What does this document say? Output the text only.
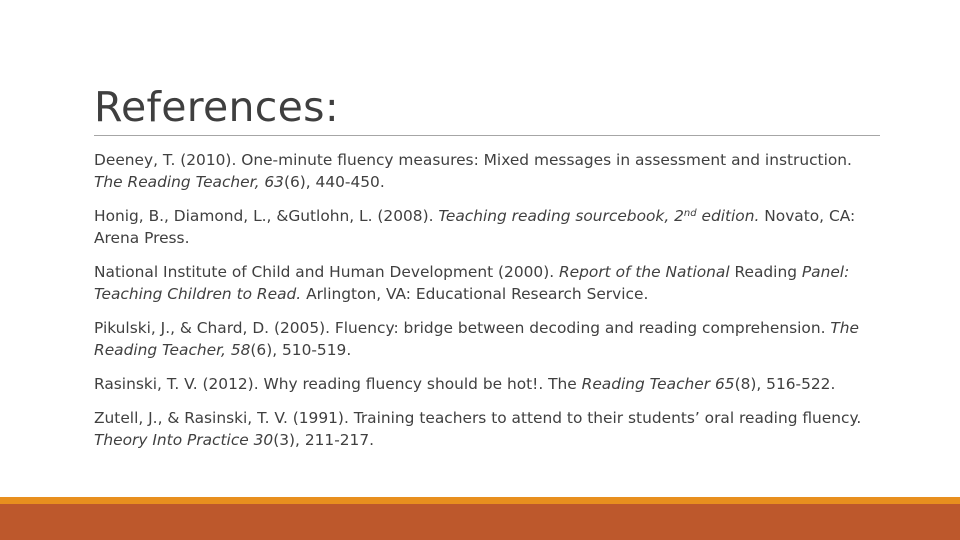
References:
Deeney, T. (2010). One-minute fluency measures: Mixed messages in assessment and instruction. The Reading Teacher, 63(6), 440-450.
Honig, B., Diamond, L., &Gutlohn, L. (2008). Teaching reading sourcebook, 2nd edition. Novato, CA: Arena Press.
National Institute of Child and Human Development (2000). Report of the National Reading Panel: Teaching Children to Read. Arlington, VA: Educational Research Service.
Pikulski, J., & Chard, D. (2005). Fluency: bridge between decoding and reading comprehension. The Reading Teacher, 58(6), 510-519.
Rasinski, T. V. (2012). Why reading fluency should be hot!. The Reading Teacher 65(8), 516-522.
Zutell, J., & Rasinski, T. V. (1991). Training teachers to attend to their students’ oral reading fluency. Theory Into Practice 30(3), 211-217.
